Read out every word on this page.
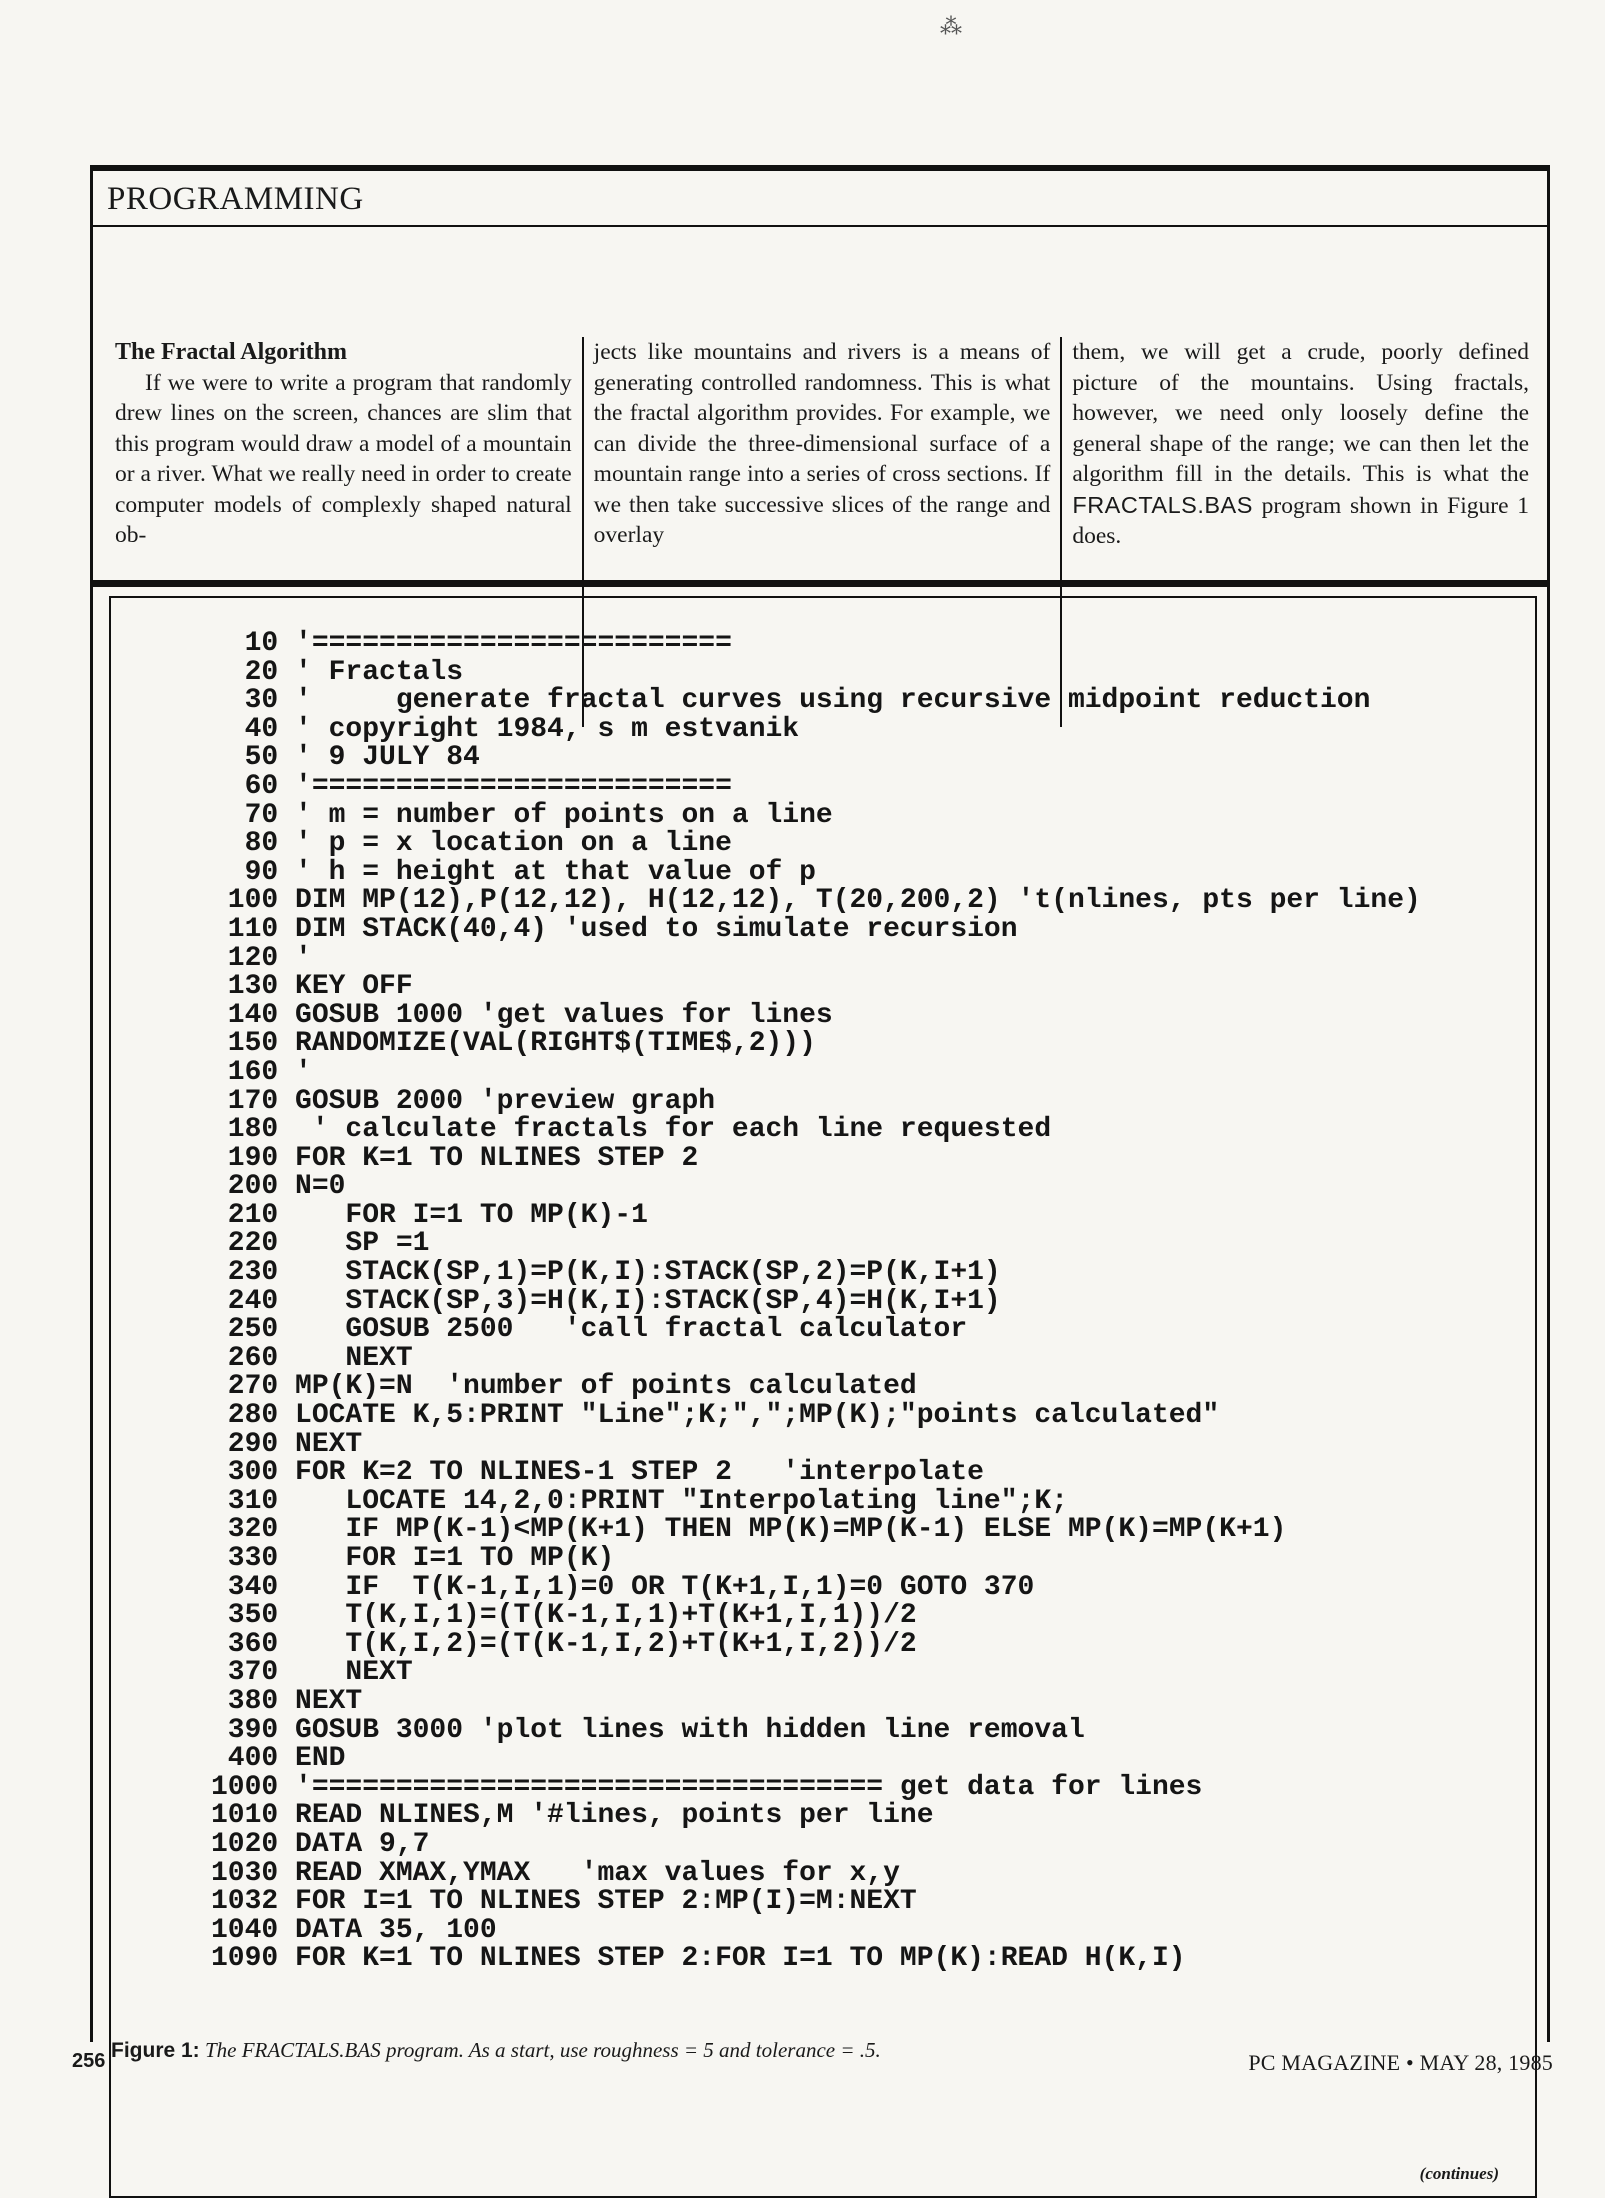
⁂
PROGRAMMING
The Fractal Algorithm

If we were to write a program that randomly drew lines on the screen, chances are slim that this program would draw a model of a mountain or a river. What we really need in order to create computer models of complexly shaped natural ob-

jects like mountains and rivers is a means of generating controlled randomness. This is what the fractal algorithm provides. For example, we can divide the three-dimensional surface of a mountain range into a series of cross sections. If we then take successive slices of the range and overlay

them, we will get a crude, poorly defined picture of the mountains. Using fractals, however, we need only loosely define the general shape of the range; we can then let the algorithm fill in the details. This is what the FRACTALS.BAS program shown in Figure 1 does.

10 '=========================
20 ' Fractals
30 '     generate fractal curves using recursive midpoint reduction
40 ' copyright 1984, s m estvanik
50 ' 9 JULY 84
60 '=========================
70 ' m = number of points on a line
80 ' p = x location on a line
90 ' h = height at that value of p
100 DIM MP(12),P(12,12), H(12,12), T(20,200,2) 't(nlines, pts per line)
110 DIM STACK(40,4) 'used to simulate recursion
120 '
130 KEY OFF
140 GOSUB 1000 'get values for lines
150 RANDOMIZE(VAL(RIGHT$(TIME$,2)))
160 '
170 GOSUB 2000 'preview graph
180  ' calculate fractals for each line requested
190 FOR K=1 TO NLINES STEP 2
200 N=0
210    FOR I=1 TO MP(K)-1
220    SP =1
230    STACK(SP,1)=P(K,I):STACK(SP,2)=P(K,I+1)
240    STACK(SP,3)=H(K,I):STACK(SP,4)=H(K,I+1)
250    GOSUB 2500   'call fractal calculator
260    NEXT
270 MP(K)=N  'number of points calculated
280 LOCATE K,5:PRINT "Line";K;",";MP(K);"points calculated"
290 NEXT
300 FOR K=2 TO NLINES-1 STEP 2   'interpolate
310    LOCATE 14,2,0:PRINT "Interpolating line";K;
320    IF MP(K-1)<MP(K+1) THEN MP(K)=MP(K-1) ELSE MP(K)=MP(K+1)
330    FOR I=1 TO MP(K)
340    IF  T(K-1,I,1)=0 OR T(K+1,I,1)=0 GOTO 370
350    T(K,I,1)=(T(K-1,I,1)+T(K+1,I,1))/2
360    T(K,I,2)=(T(K-1,I,2)+T(K+1,I,2))/2
370    NEXT
380 NEXT
390 GOSUB 3000 'plot lines with hidden line removal
400 END
1000 '================================== get data for lines
1010 READ NLINES,M '#lines, points per line
1020 DATA 9,7
1030 READ XMAX,YMAX   'max values for x,y
1032 FOR I=1 TO NLINES STEP 2:MP(I)=M:NEXT
1040 DATA 35, 100
1090 FOR K=1 TO NLINES STEP 2:FOR I=1 TO MP(K):READ H(K,I)

(continues)
Figure 1: The FRACTALS.BAS program. As a start, use roughness = 5 and tolerance = .5.
256	PC MAGAZINE • MAY 28, 1985
